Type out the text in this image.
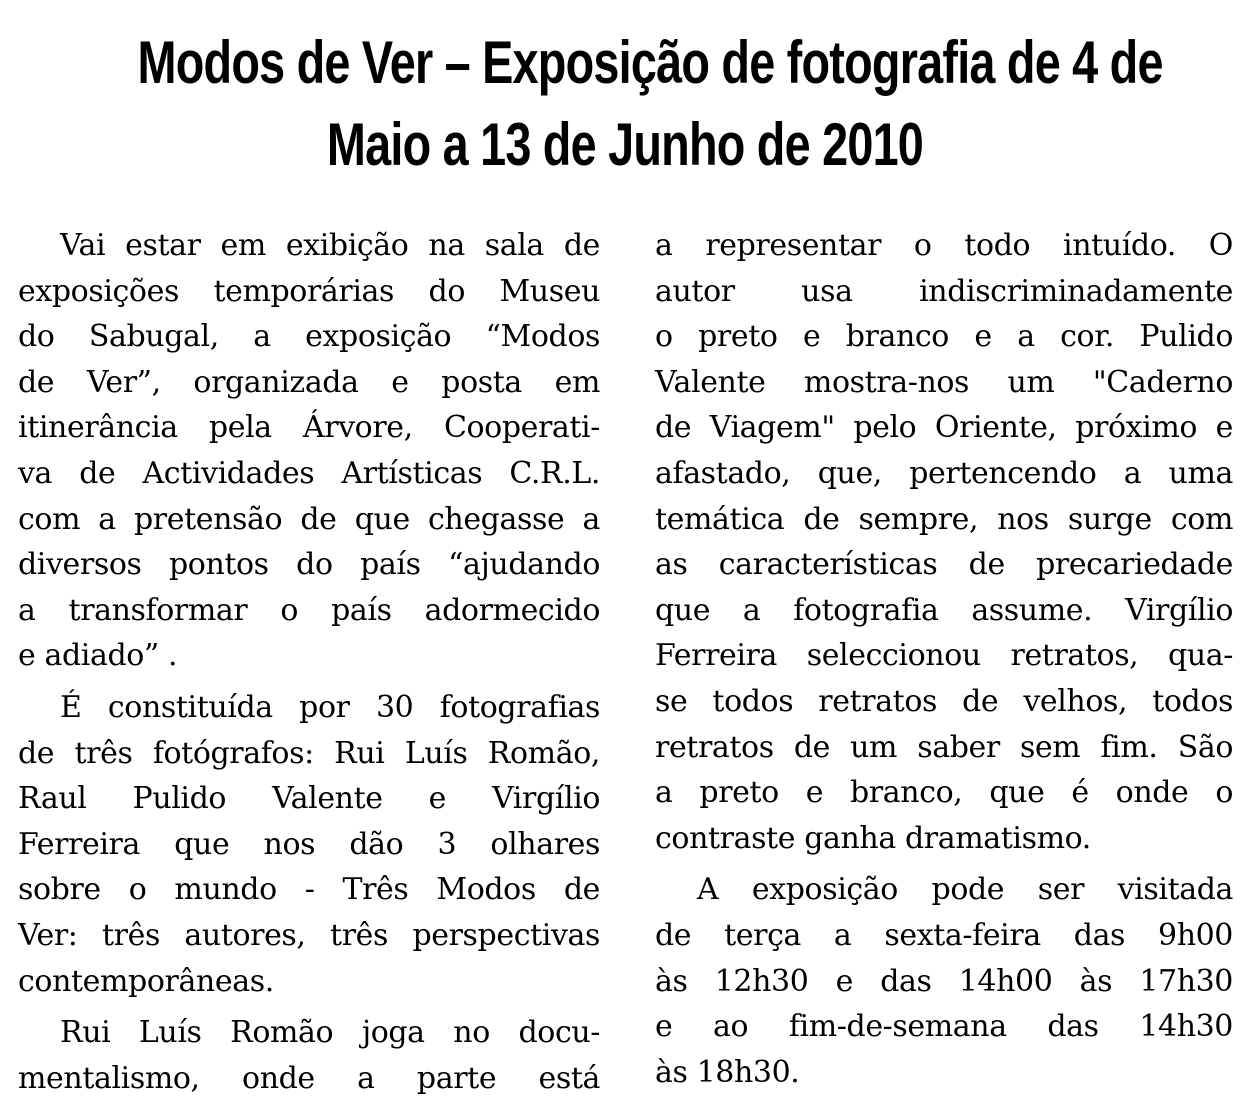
Modos de Ver – Exposição de fotografia de 4 de
Maio a 13 de Junho de 2010

Vai estar em exibição na sala de
exposições temporárias do Museu
do Sabugal, a exposição “Modos
de Ver”, organizada e posta em
itinerância pela Árvore, Cooperati-
va de Actividades Artísticas C.R.L.
com a pretensão de que chegasse a
diversos pontos do país “ajudando
a transformar o país adormecido
e adiado” .

É constituída por 30 fotografias
de três fotógrafos: Rui Luís Romão,
Raul Pulido Valente e Virgílio
Ferreira que nos dão 3 olhares
sobre o mundo - Três Modos de
Ver: três autores, três perspectivas
contemporâneas.

Rui Luís Romão joga no docu-
mentalismo, onde a parte está

a representar o todo intuído. O
autor usa indiscriminadamente
o preto e branco e a cor. Pulido
Valente mostra-nos um "Caderno
de Viagem" pelo Oriente, próximo e
afastado, que, pertencendo a uma
temática de sempre, nos surge com
as características de precariedade
que a fotografia assume. Virgílio
Ferreira seleccionou retratos, qua-
se todos retratos de velhos, todos
retratos de um saber sem fim. São
a preto e branco, que é onde o
contraste ganha dramatismo.

A exposição pode ser visitada
de terça a sexta-feira das 9h00
às 12h30 e das 14h00 às 17h30
e ao fim-de-semana das 14h30
às 18h30.
